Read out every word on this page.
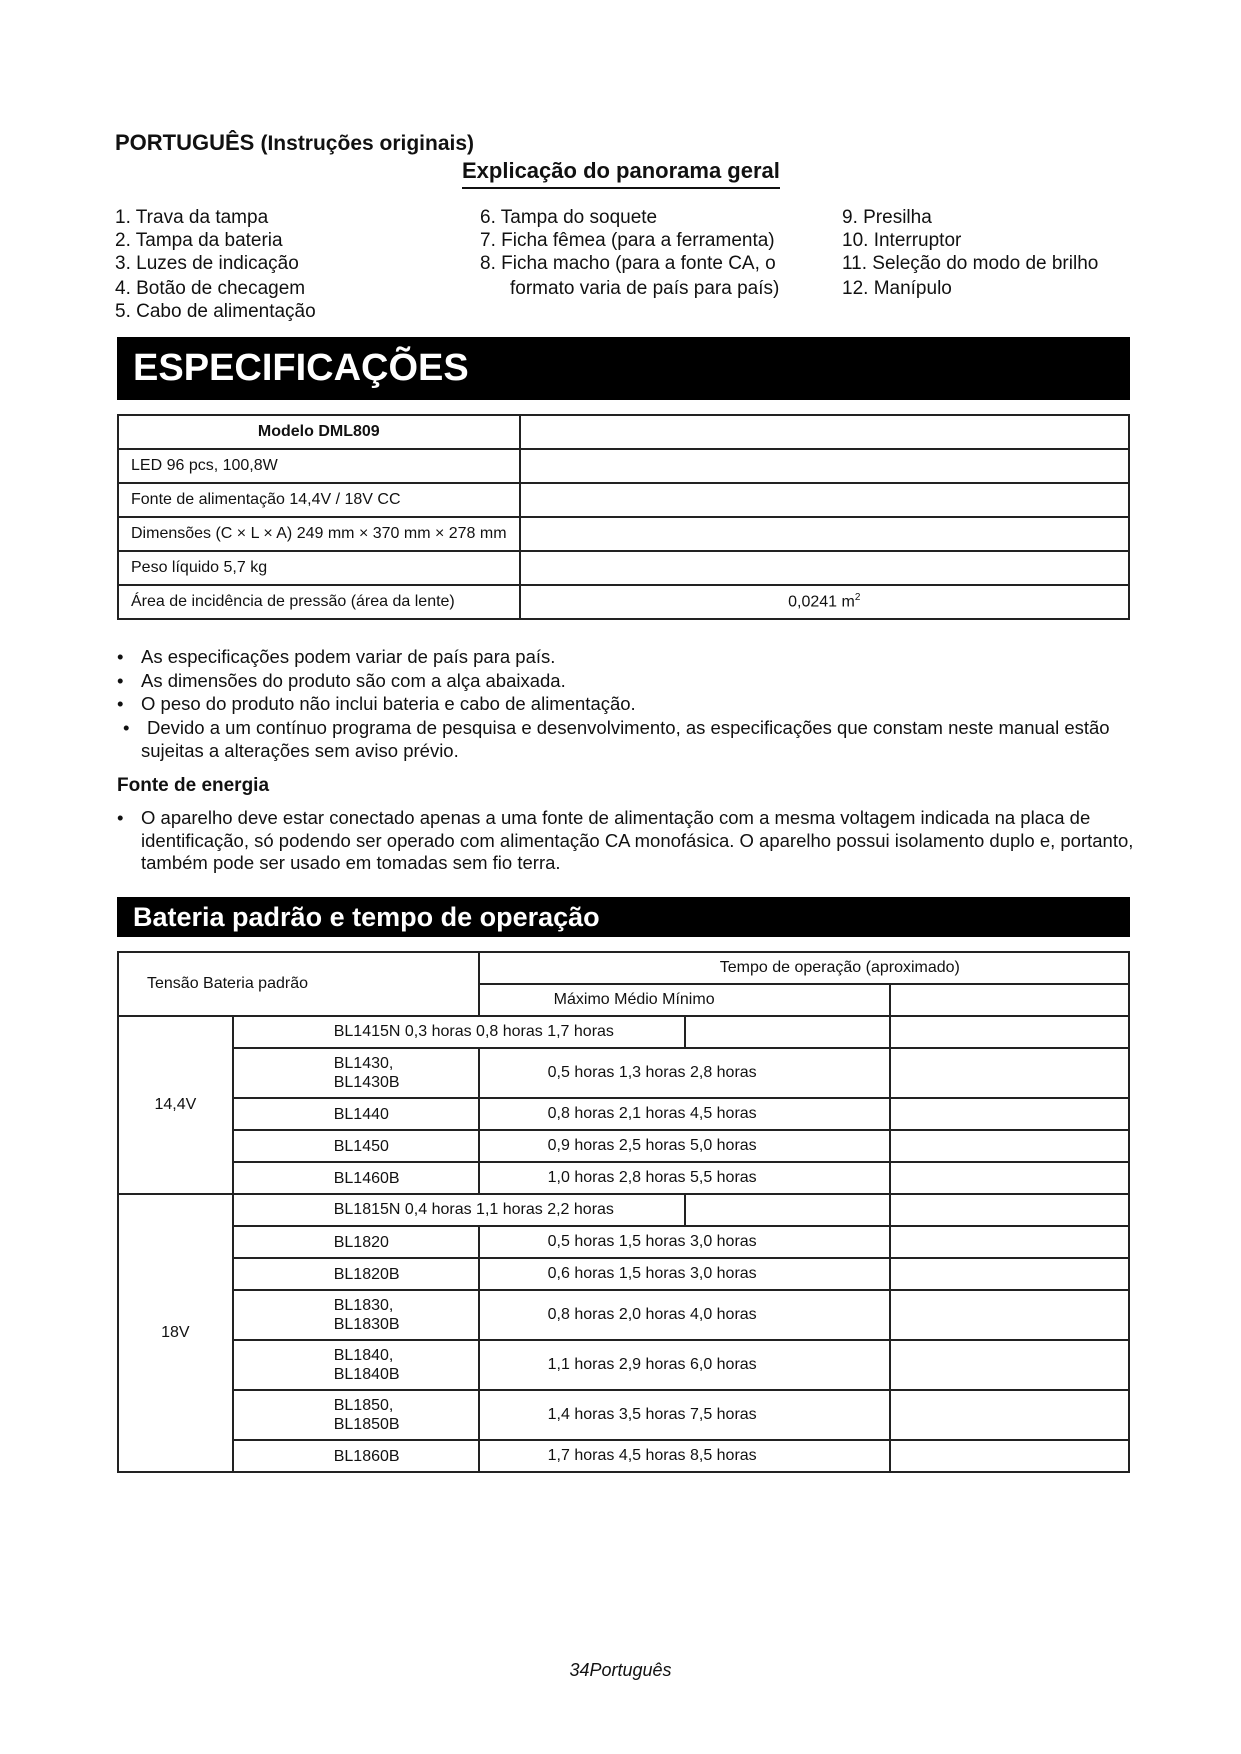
PORTUGUÊS (Instruções originais)
Explicação do panorama geral
1. Trava da tampa
2. Tampa da bateria
3. Luzes de indicação
4. Botão de checagem
5. Cabo de alimentação
6. Tampa do soquete
7. Ficha fêmea (para a ferramenta)
8. Ficha macho (para a fonte CA, o
formato varia de país para país)
9. Presilha
10. Interruptor
11. Seleção do modo de brilho
12. Manípulo
ESPECIFICAÇÕES
Modelo DML809	
LED 96 pcs, 100,8W	
Fonte de alimentação 14,4V / 18V CC	
Dimensões (C × L × A) 249 mm × 370 mm × 278 mm	
Peso líquido 5,7 kg	
Área de incidência de pressão (área da lente)	0,0241 $m^2$
• As especificações podem variar de país para país.
• As dimensões do produto são com a alça abaixada.
• O peso do produto não inclui bateria e cabo de alimentação.
• Devido a um contínuo programa de pesquisa e desenvolvimento, as especificações que constam neste manual estão sujeitas a alterações sem aviso prévio.
Fonte de energia
• O aparelho deve estar conectado apenas a uma fonte de alimentação com a mesma voltagem indicada na placa de identificação, só podendo ser operado com alimentação CA monofásica. O aparelho possui isolamento duplo e, portanto, também pode ser usado em tomadas sem fio terra.
Bateria padrão e tempo de operação
Tensão Bateria padrão		Tempo de operação (aproximado)		
		Máximo Médio Mínimo		
14,4V	BL1415N 0,3 horas 0,8 horas 1,7 horas			
	BL1430,
BL1430B	0,5 horas 1,3 horas 2,8 horas		
	BL1440	0,8 horas 2,1 horas 4,5 horas		
	BL1450	0,9 horas 2,5 horas 5,0 horas		
	BL1460B	1,0 horas 2,8 horas 5,5 horas		
18V	BL1815N 0,4 horas 1,1 horas 2,2 horas			
	BL1820	0,5 horas 1,5 horas 3,0 horas		
	BL1820B	0,6 horas 1,5 horas 3,0 horas		
	BL1830,
BL1830B	0,8 horas 2,0 horas 4,0 horas		
	BL1840,
BL1840B	1,1 horas 2,9 horas 6,0 horas		
	BL1850,
BL1850B	1,4 horas 3,5 horas 7,5 horas		
	BL1860B	1,7 horas 4,5 horas 8,5 horas		
34Português
